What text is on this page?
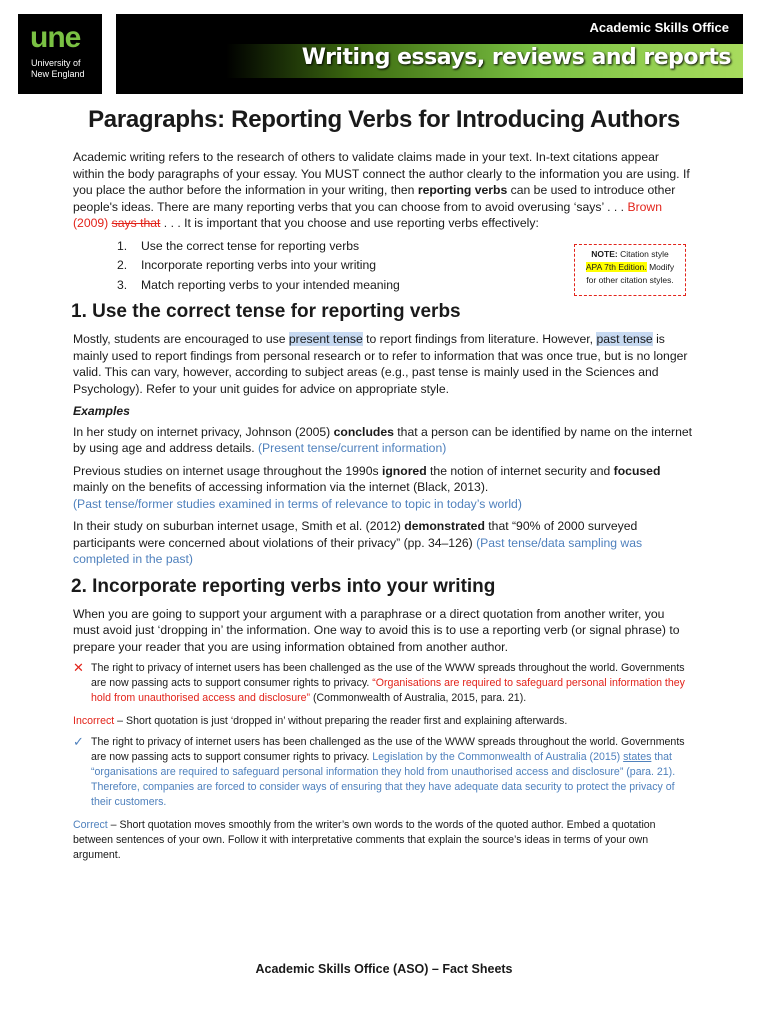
une
University of
New England
Academic Skills Office
Writing essays, reviews and reports
Paragraphs: Reporting Verbs for Introducing Authors
NOTE: Citation style
APA 7th Edition. Modify
for other citation styles.

Academic writing refers to the research of others to validate claims made in your text. In-text citations appear within the body paragraphs of your essay. You MUST connect the author clearly to the information you are using. If you place the author before the information in your writing, then reporting verbs can be used to introduce other people's ideas. There are many reporting verbs that you can choose from to avoid overusing ‘says’ . . . Brown (2009) says that . . . It is important that you choose and use reporting verbs effectively:

1. Use the correct tense for reporting verbs
2. Incorporate reporting verbs into your writing
3. Match reporting verbs to your intended meaning
1. Use the correct tense for reporting verbs

Mostly, students are encouraged to use present tense to report findings from literature. However, past tense is mainly used to report findings from personal research or to refer to information that was once true, but is no longer valid. This can vary, however, according to subject areas (e.g., past tense is mainly used in the Sciences and Psychology). Refer to your unit guides for advice on appropriate style.

Examples

In her study on internet privacy, Johnson (2005) concludes that a person can be identified by name on the internet by using age and address details. (Present tense/current information)

Previous studies on internet usage throughout the 1990s ignored the notion of internet security and focused mainly on the benefits of accessing information via the internet (Black, 2013).
(Past tense/former studies examined in terms of relevance to topic in today’s world)

In their study on suburban internet usage, Smith et al. (2012) demonstrated that “90% of 2000 surveyed participants were concerned about violations of their privacy” (pp. 34–126) (Past tense/data sampling was completed in the past)

2. Incorporate reporting verbs into your writing

When you are going to support your argument with a paraphrase or a direct quotation from another writer, you must avoid just ‘dropping in’ the information. One way to avoid this is to use a reporting verb (or signal phrase) to prepare your reader that you are using information obtained from another author.

✕ The right to privacy of internet users has been challenged as the use of the WWW spreads throughout the world. Governments are now passing acts to support consumer rights to privacy. “Organisations are required to safeguard personal information they hold from unauthorised access and disclosure” (Commonwealth of Australia, 2015, para. 21).

Incorrect – Short quotation is just ‘dropped in’ without preparing the reader first and explaining afterwards.

✓ The right to privacy of internet users has been challenged as the use of the WWW spreads throughout the world. Governments are now passing acts to support consumer rights to privacy. Legislation by the Commonwealth of Australia (2015) states that “organisations are required to safeguard personal information they hold from unauthorised access and disclosure” (para. 21). Therefore, companies are forced to consider ways of ensuring that they have adequate data security to protect the privacy of their customers.

Correct – Short quotation moves smoothly from the writer’s own words to the words of the quoted author. Embed a quotation between sentences of your own. Follow it with interpretative comments that explain the source’s ideas in terms of your own argument.

Academic Skills Office (ASO) – Fact Sheets
